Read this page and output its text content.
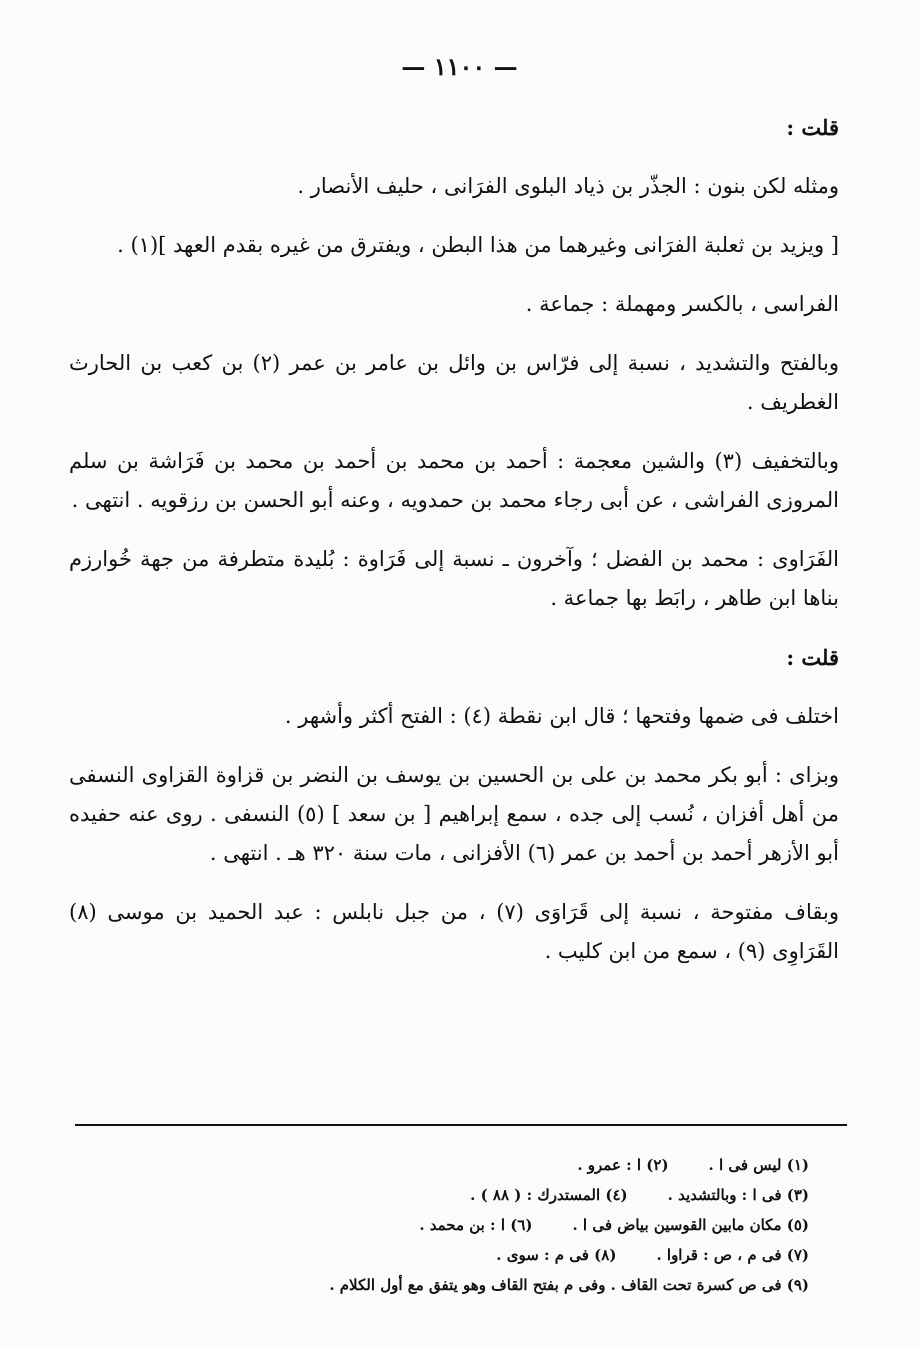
— ١١٠٠ —

قلت :

ومثله لكن بنون : الجذّر بن ذياد البلوى الفرَانى ، حليف الأنصار .

[ ويزيد بن ثعلبة الفرَانى وغيرهما من هذا البطن ، ويفترق من غيره بقدم العهد ](١) .

الفراسى ، بالكسر ومهملة : جماعة .

وبالفتح والتشديد ، نسبة إلى فرّاس بن وائل بن عامر بن عمر (٢) بن كعب بن الحارث الغطريف .

وبالتخفيف (٣) والشين معجمة : أحمد بن محمد بن أحمد بن محمد بن فَرَاشة بن سلم المروزى الفراشى ، عن أبى رجاء محمد بن حمدويه ، وعنه أبو الحسن بن رزقويه . انتهى .

الفَرَاوى : محمد بن الفضل ؛ وآخرون ـ نسبة إلى فَرَاوة : بُليدة متطرفة من جهة خُوارزم بناها ابن طاهر ، رابَط بها جماعة .

قلت :

اختلف فى ضمها وفتحها ؛ قال ابن نقطة (٤) : الفتح أكثر وأشهر .

وبزاى : أبو بكر محمد بن على بن الحسين بن يوسف بن النضر بن قزاوة القزاوى النسفى من أهل أفزان ، نُسب إلى جده ، سمع إبراهيم [ بن سعد ] (٥) النسفى . روى عنه حفيده أبو الأزهر أحمد بن أحمد بن عمر (٦) الأفزانى ، مات سنة ٣٢٠ هـ . انتهى .

وبقاف مفتوحة ، نسبة إلى قَرَاوَى (٧) ، من جبل نابلس : عبد الحميد بن موسى (٨) القَرَاوِى (٩) ، سمع من ابن كليب .

(١) ليس فى ا .
(٢) ا : عمرو .
(٣) فى ا : وبالتشديد .
(٤) المستدرك : ( ٨٨ ) .
(٥) مكان مابين القوسين بياض فى ا .
(٦) ا : بن محمد .
(٧) فى م ، ص : قراوا .
(٨) فى م : سوى .
(٩) فى ص كسرة تحت القاف . وفى م بفتح القاف وهو يتفق مع أول الكلام .
